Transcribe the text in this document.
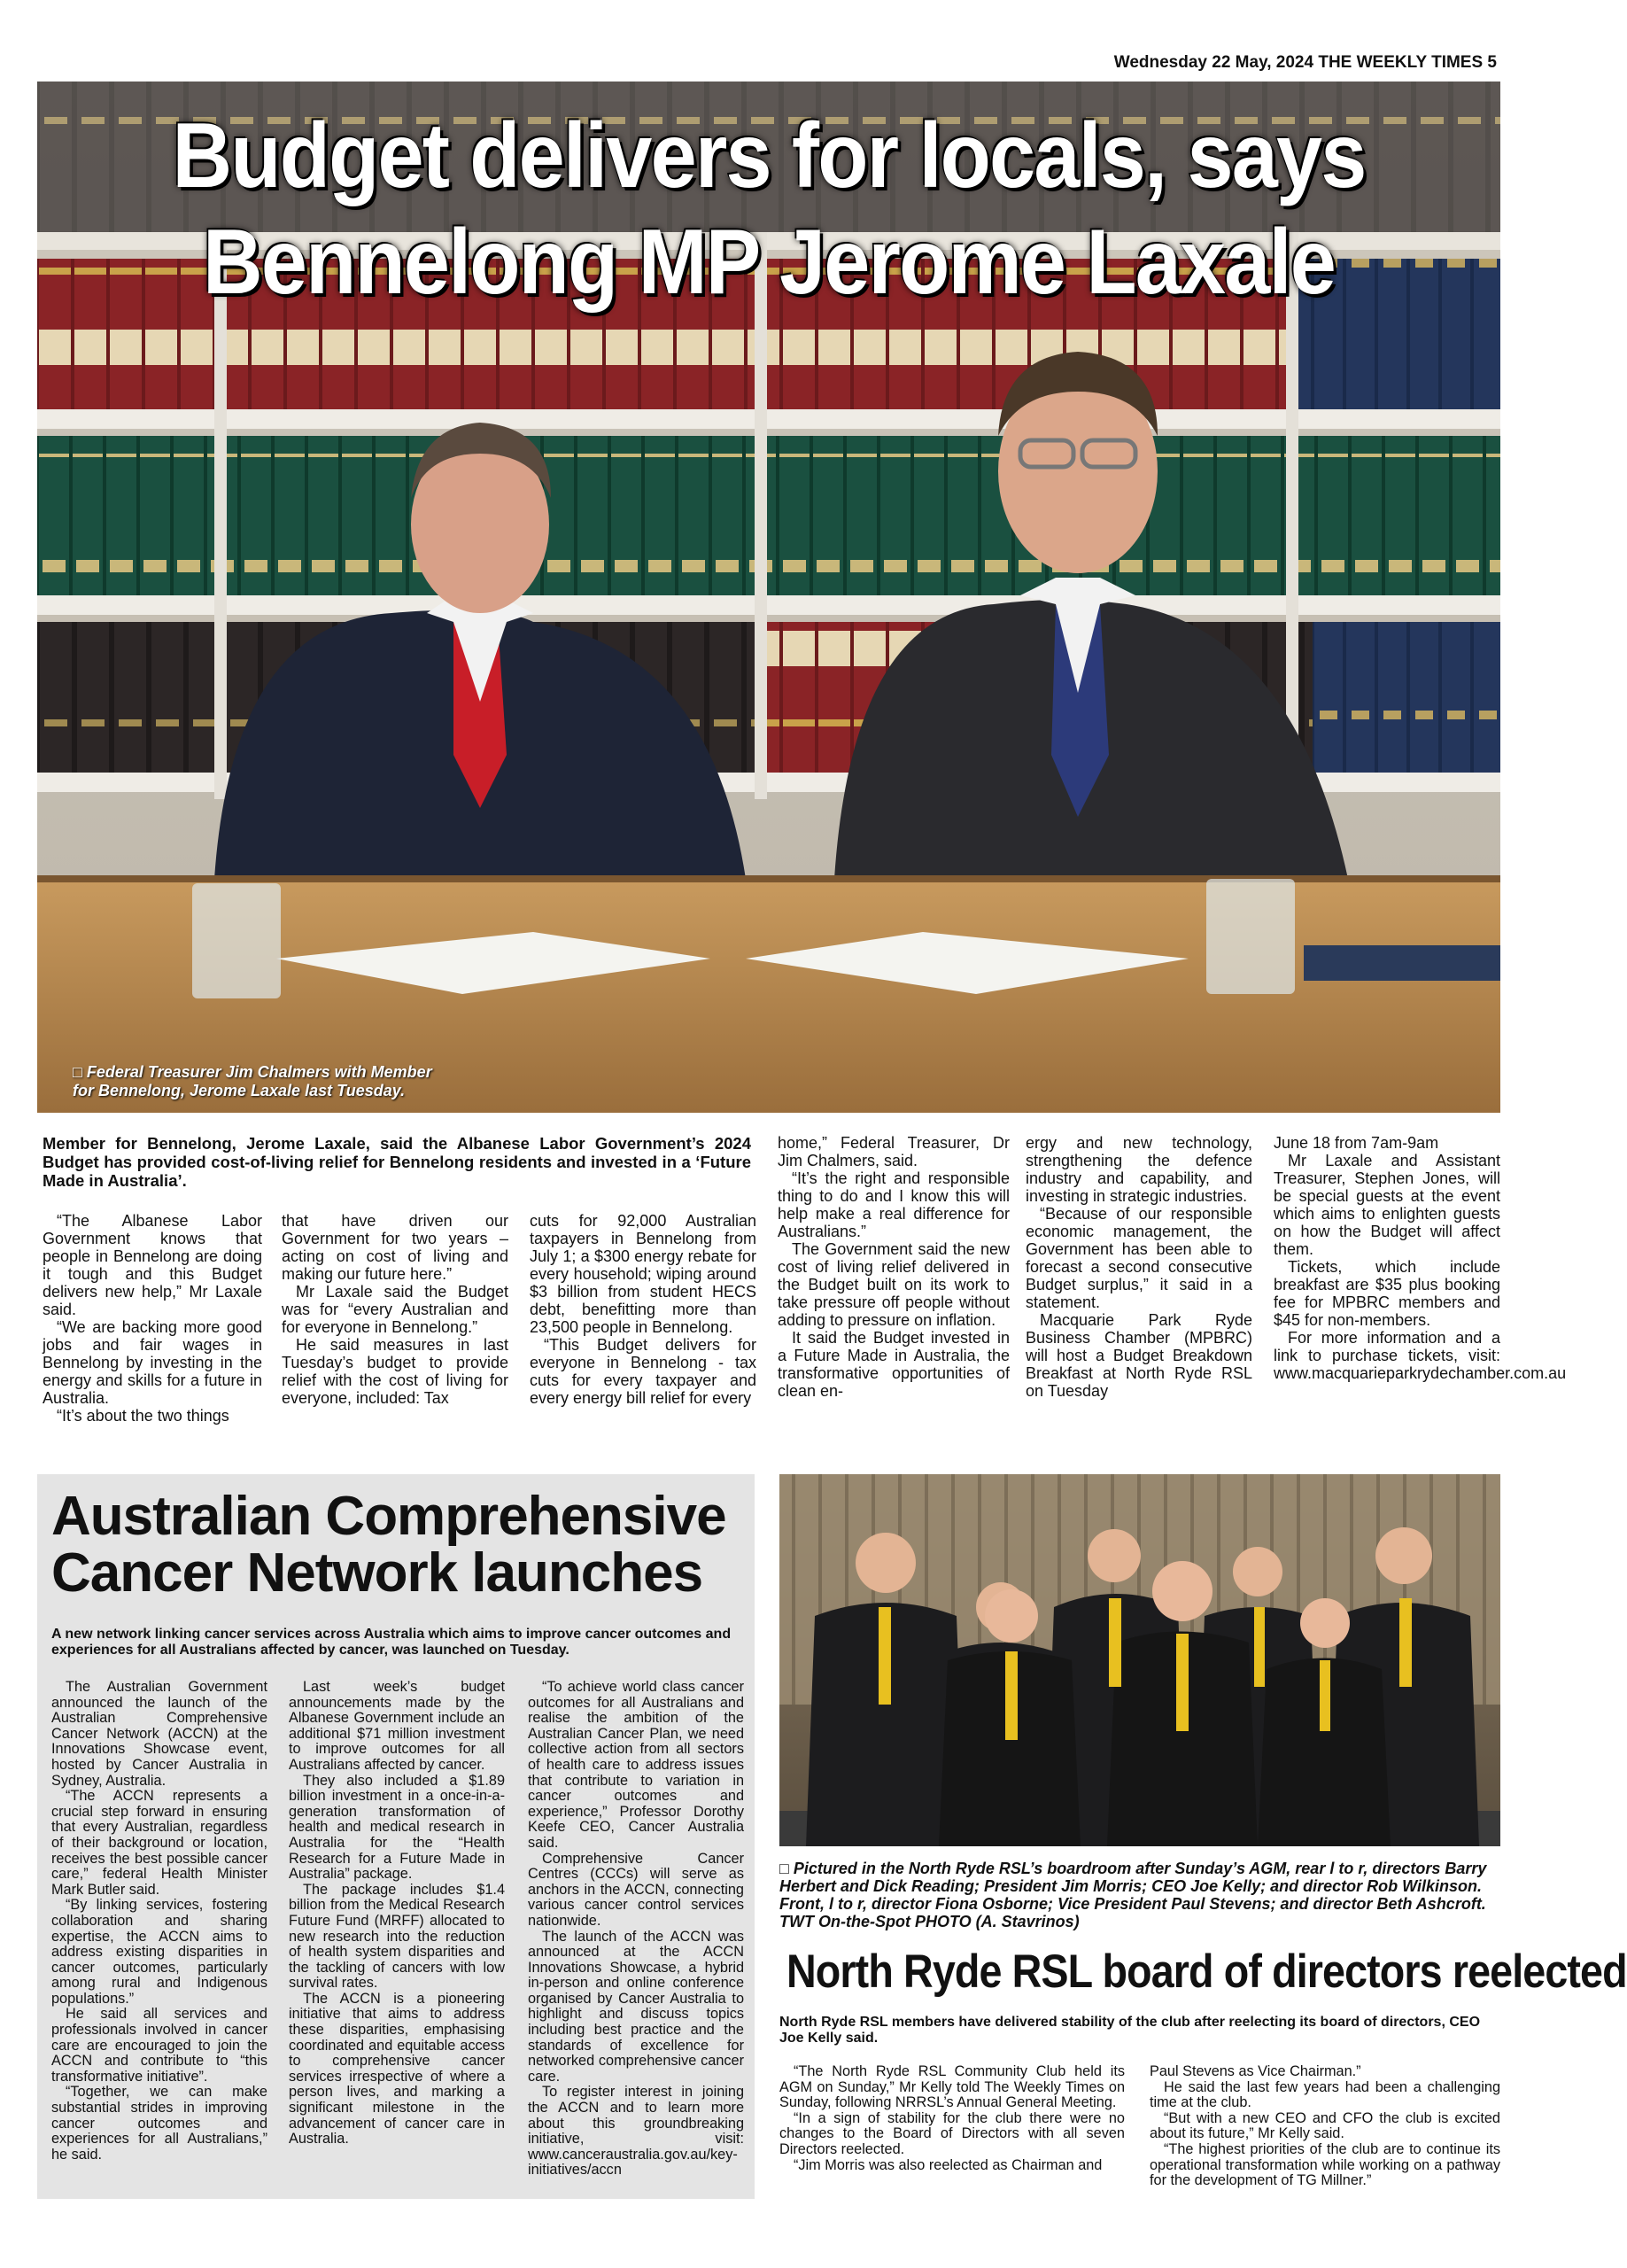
Wednesday 22 May, 2024 THE WEEKLY TIMES 5
Budget delivers for locals, says
Bennelong MP Jerome Laxale
□ Federal Treasurer Jim Chalmers with Member
for Bennelong, Jerome Laxale last Tuesday.
Member for Bennelong, Jerome Laxale, said the Albanese Labor Government’s 2024 Budget has provided cost-of-living relief for Bennelong residents and invested in a ‘Future Made in Australia’.

“The Albanese Labor Government knows that people in Bennelong are doing it tough and this Budget delivers new help,” Mr Laxale said.

“We are backing more good jobs and fair wages in Bennelong by investing in the energy and skills for a future in Australia.

“It’s about the two things

that have driven our Government for two years – acting on cost of living and making our future here.”

Mr Laxale said the Budget was for “every Australian and for everyone in Bennelong.”

He said measures in last Tuesday’s budget to provide relief with the cost of living for everyone, included: Tax

cuts for 92,000 Australian taxpayers in Bennelong from July 1; a $300 energy rebate for every household; wiping around $3 billion from student HECS debt, benefitting more than 23,500 people in Bennelong.

“This Budget delivers for everyone in Bennelong - tax cuts for every taxpayer and every energy bill relief for every

home,” Federal Treasurer, Dr Jim Chalmers, said.

“It’s the right and responsible thing to do and I know this will help make a real difference for Australians.”

The Government said the new cost of living relief delivered in the Budget built on its work to take pressure off people without adding to pressure on inflation.

It said the Budget invested in a Future Made in Australia, the transformative opportunities of clean en-

ergy and new technology, strengthening the defence industry and capability, and investing in strategic industries.

“Because of our responsible economic management, the Government has been able to forecast a second consecutive Budget surplus,” it said in a statement.

Macquarie Park Ryde Business Chamber (MPBRC) will host a Budget Breakdown Breakfast at North Ryde RSL on Tuesday

June 18 from 7am-9am

Mr Laxale and Assistant Treasurer, Stephen Jones, will be special guests at the event which aims to enlighten guests on how the Budget will affect them.

Tickets, which include breakfast are $35 plus booking fee for MPBRC members and $45 for non-members.

For more information and a link to purchase tickets, visit: www.macquarieparkrydechamber.com.au

Australian Comprehensive
Cancer Network launches
A new network linking cancer services across Australia which aims to improve cancer outcomes and experiences for all Australians affected by cancer, was launched on Tuesday.

The Australian Government announced the launch of the Australian Comprehensive Cancer Network (ACCN) at the Innovations Showcase event, hosted by Cancer Australia in Sydney, Australia.

“The ACCN represents a crucial step forward in ensuring that every Australian, regardless of their background or location, receives the best possible cancer care,” federal Health Minister Mark Butler said.

“By linking services, fostering collaboration and sharing expertise, the ACCN aims to address existing disparities in cancer outcomes, particularly among rural and Indigenous populations.”

He said all services and professionals involved in cancer care are encouraged to join the ACCN and contribute to “this transformative initiative”.

“Together, we can make substantial strides in improving cancer outcomes and experiences for all Australians,” he said.

Last week’s budget announcements made by the Albanese Government include an additional $71 million investment to improve outcomes for all Australians affected by cancer.

They also included a $1.89 billion investment in a once-in-a-generation transformation of health and medical research in Australia for the “Health Research for a Future Made in Australia” package.

The package includes $1.4 billion from the Medical Research Future Fund (MRFF) allocated to new research into the reduction of health system disparities and the tackling of cancers with low survival rates.

The ACCN is a pioneering initiative that aims to address these disparities, emphasising coordinated and equitable access to comprehensive cancer services irrespective of where a person lives, and marking a significant milestone in the advancement of cancer care in Australia.

“To achieve world class cancer outcomes for all Australians and realise the ambition of the Australian Cancer Plan, we need collective action from all sectors of health care to address issues that contribute to variation in cancer outcomes and experience,” Professor Dorothy Keefe CEO, Cancer Australia said.

Comprehensive Cancer Centres (CCCs) will serve as anchors in the ACCN, connecting various cancer control services nationwide.

The launch of the ACCN was announced at the ACCN Innovations Showcase, a hybrid in-person and online conference organised by Cancer Australia to highlight and discuss topics including best practice and the standards of excellence for networked comprehensive cancer care.

To register interest in joining the ACCN and to learn more about this groundbreaking initiative, visit: www.canceraustralia.gov.au/key-initiatives/accn

□ Pictured in the North Ryde RSL’s boardroom after Sunday’s AGM, rear l to r, directors Barry Herbert and Dick Reading; President Jim Morris; CEO Joe Kelly; and director Rob Wilkinson. Front, l to r, director Fiona Osborne; Vice President Paul Stevens; and director Beth Ashcroft. TWT On-the-Spot PHOTO (A. Stavrinos)
North Ryde RSL board of directors reelected
North Ryde RSL members have delivered stability of the club after reelecting its board of directors, CEO Joe Kelly said.

“The North Ryde RSL Community Club held its AGM on Sunday,” Mr Kelly told The Weekly Times on Sunday, following NRRSL’s Annual General Meeting.

“In a sign of stability for the club there were no changes to the Board of Directors with all seven Directors reelected.

“Jim Morris was also reelected as Chairman and

Paul Stevens as Vice Chairman.”

He said the last few years had been a challenging time at the club.

“But with a new CEO and CFO the club is excited about its future,” Mr Kelly said.

“The highest priorities of the club are to continue its operational transformation while working on a pathway for the development of TG Millner.”
